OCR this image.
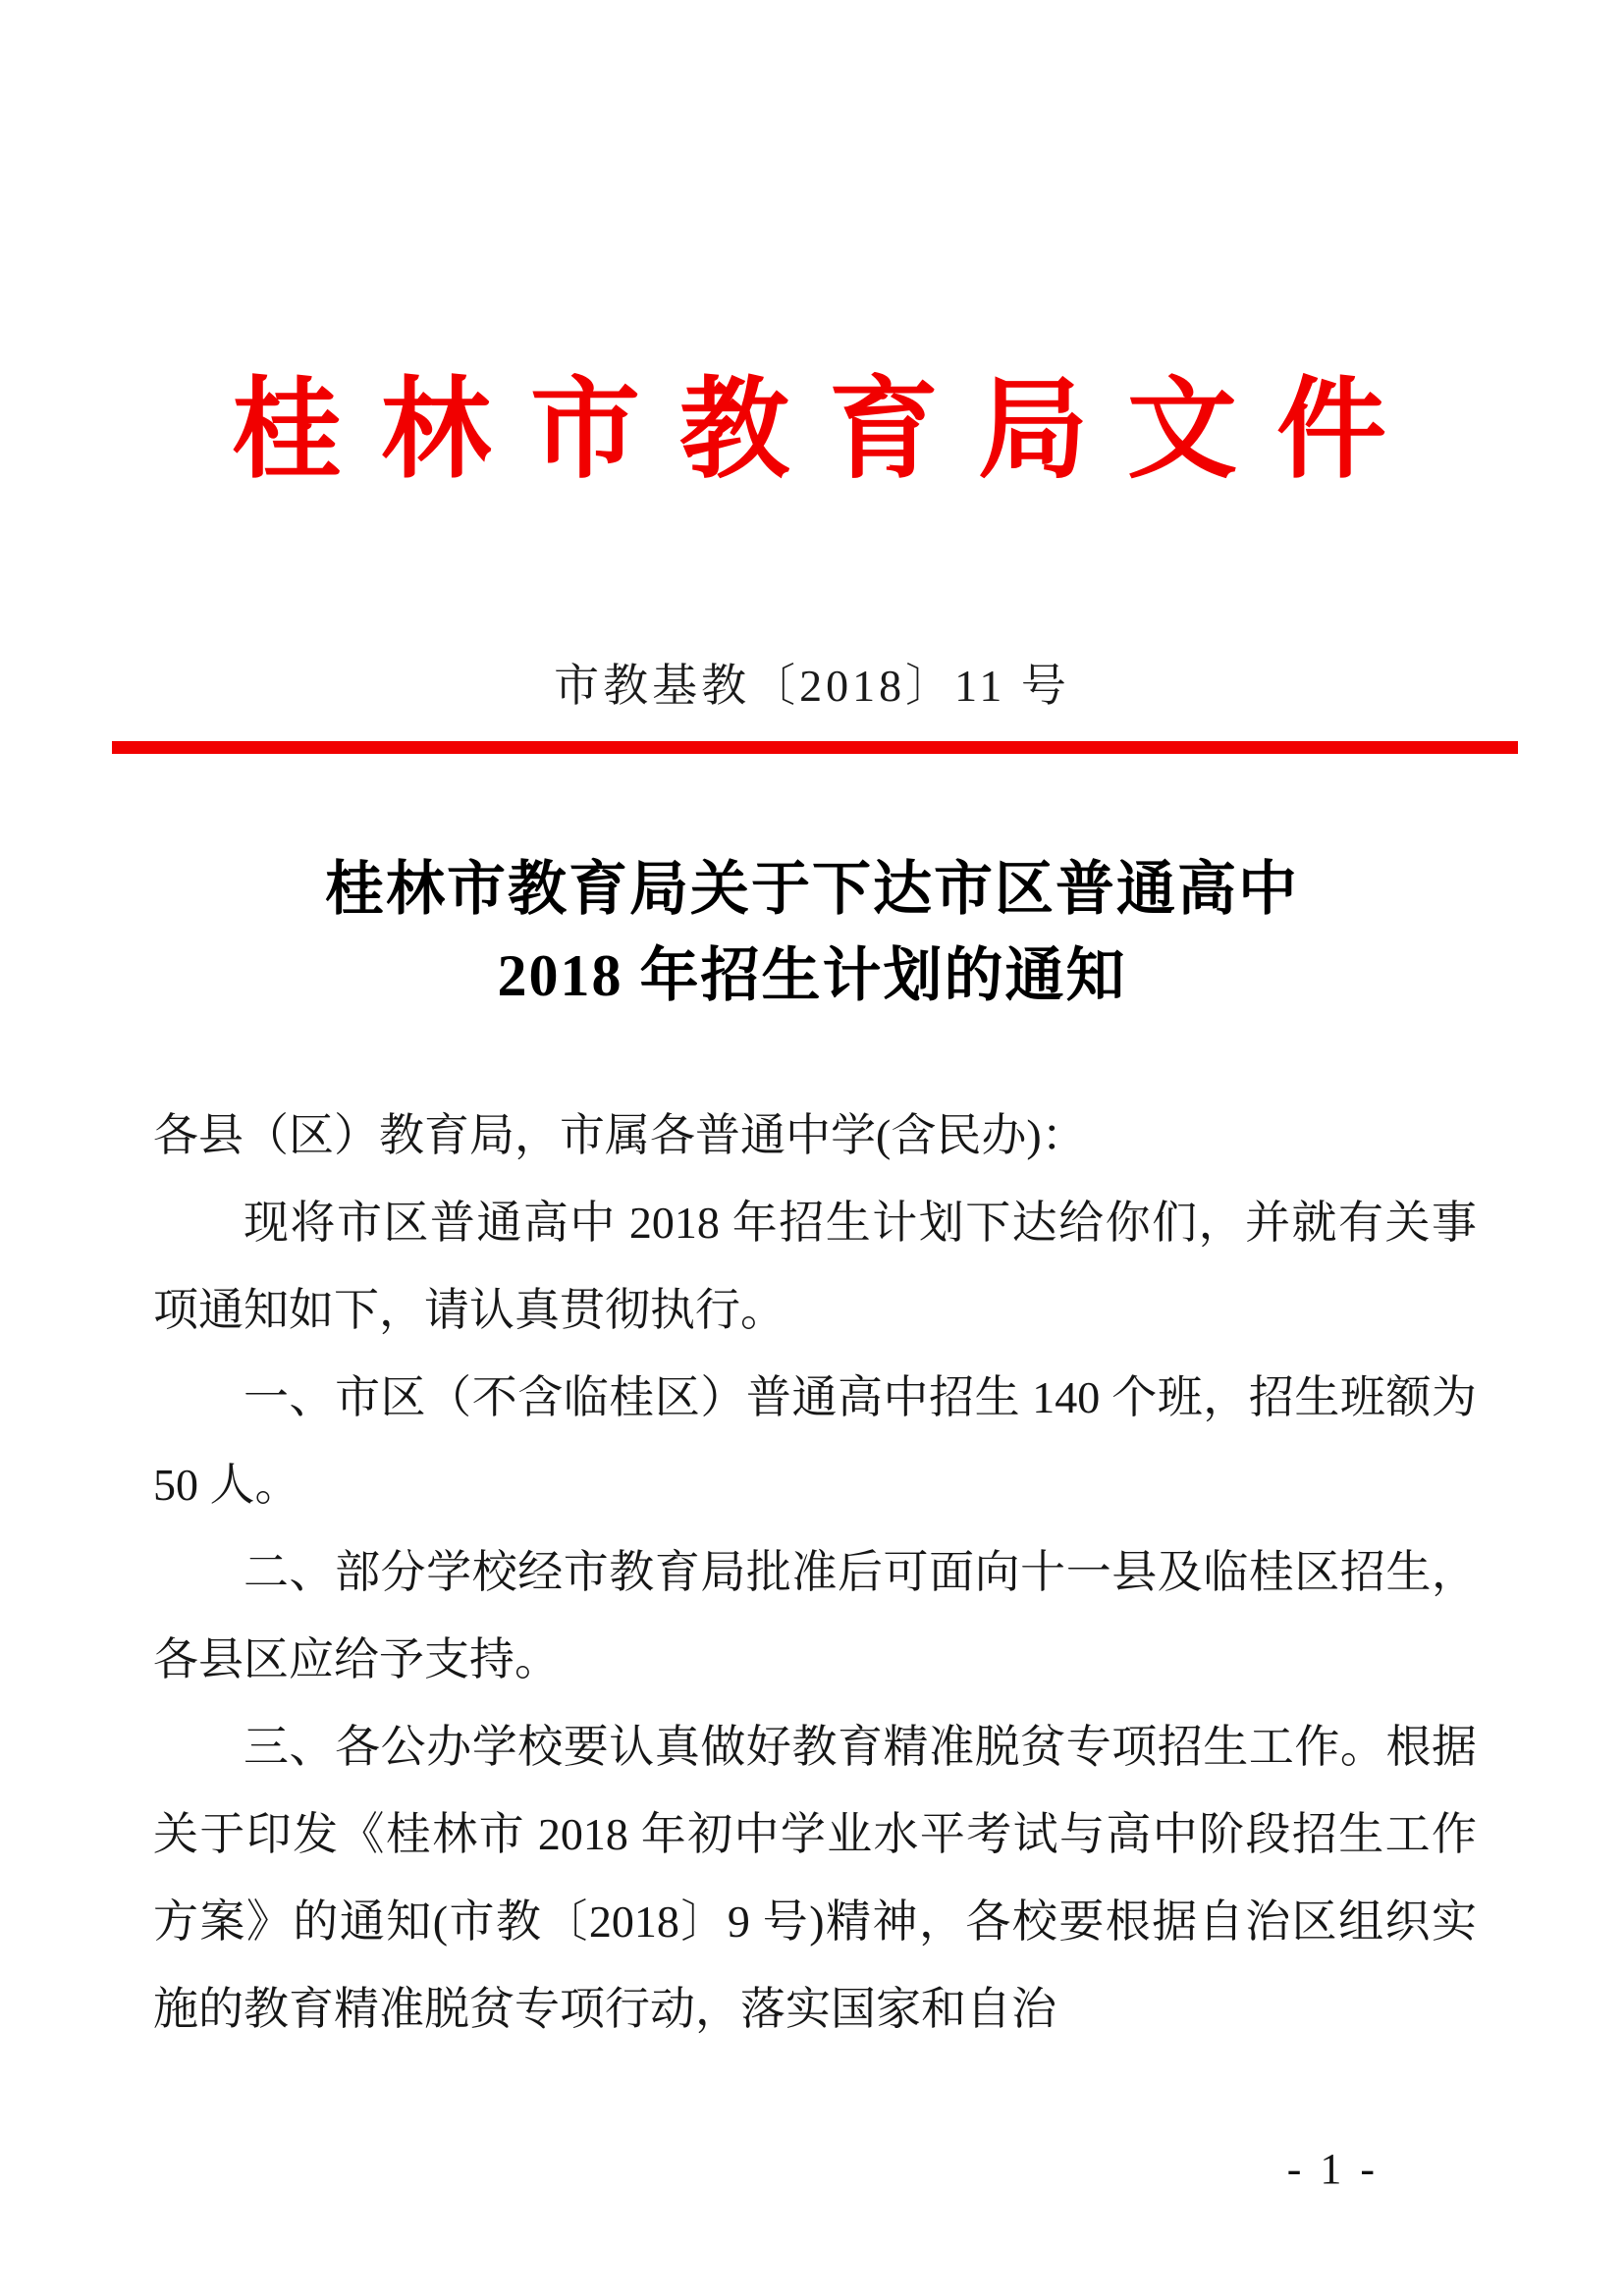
桂 林 市 教 育 局 文 件
市教基教〔2018〕11 号
桂林市教育局关于下达市区普通高中
2018 年招生计划的通知

各县（区）教育局，市属各普通中学(含民办)：

现将市区普通高中 2018 年招生计划下达给你们，并就有关事项通知如下，请认真贯彻执行。

一、市区（不含临桂区）普通高中招生 140 个班，招生班额为 50 人。

二、部分学校经市教育局批准后可面向十一县及临桂区招生，各县区应给予支持。

三、各公办学校要认真做好教育精准脱贫专项招生工作。根据关于印发《桂林市 2018 年初中学业水平考试与高中阶段招生工作方案》的通知(市教〔2018〕9 号)精神，各校要根据自治区组织实施的教育精准脱贫专项行动，落实国家和自治

- 1 -
